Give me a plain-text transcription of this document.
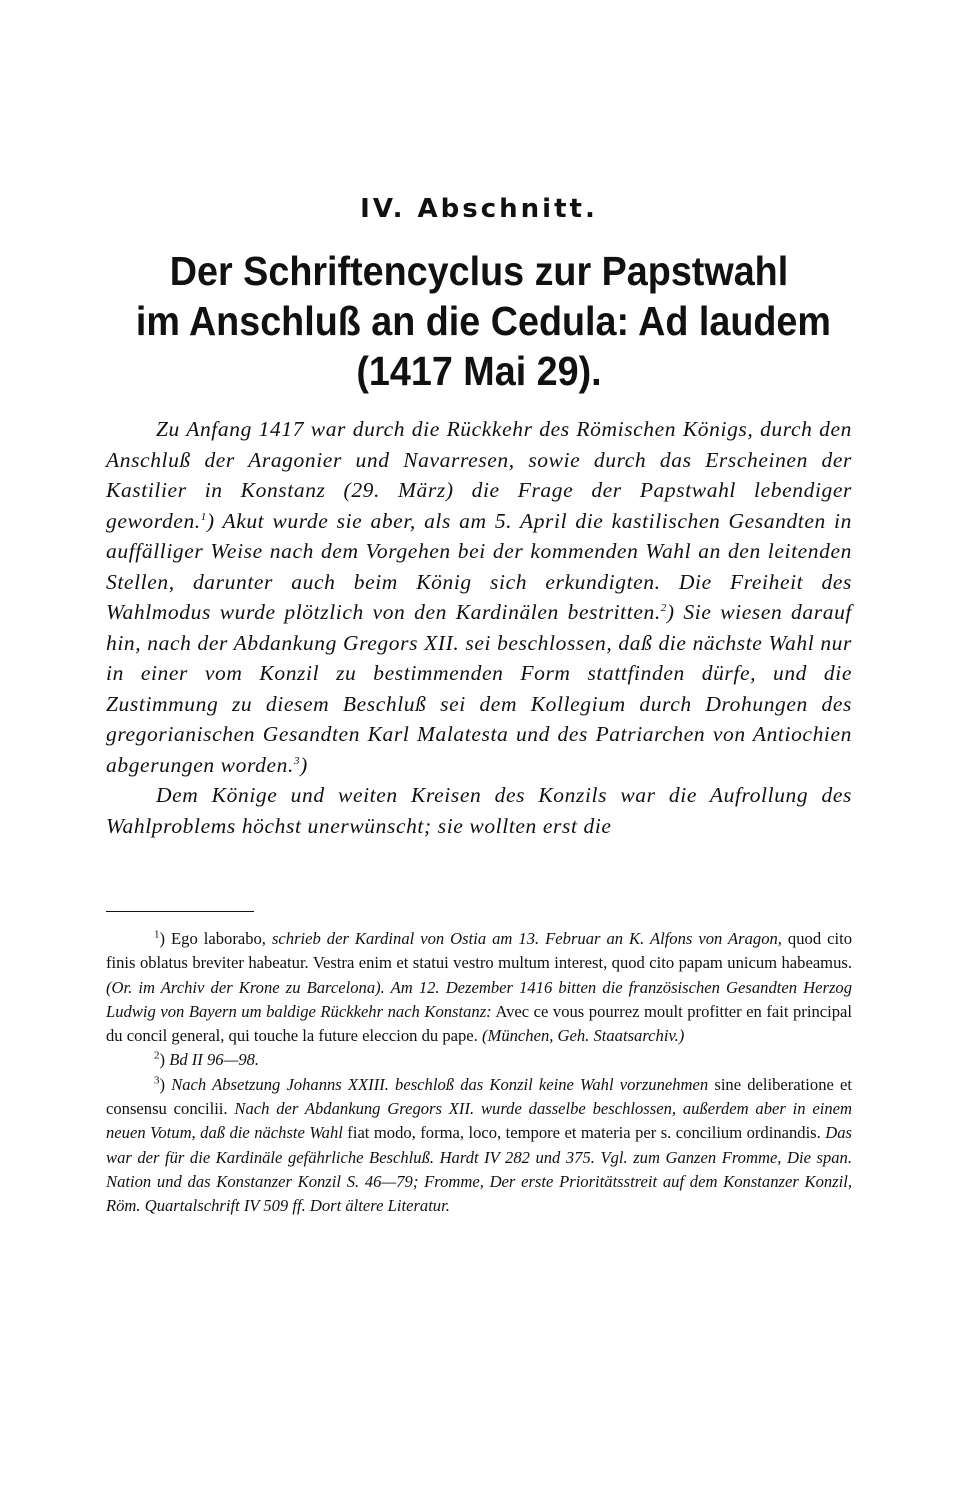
IV. Abschnitt.
Der Schriftencyclus zur Papstwahl
im Anschluß an die Cedula: Ad laudem
(1417 Mai 29).

Zu Anfang 1417 war durch die Rückkehr des Römischen Königs, durch den Anschluß der Aragonier und Navarresen, sowie durch das Erscheinen der Kastilier in Konstanz (29. März) die Frage der Papstwahl lebendiger geworden.$^1$) Akut wurde sie aber, als am 5. April die kastilischen Gesandten in auffälliger Weise nach dem Vorgehen bei der kommenden Wahl an den leitenden Stellen, darunter auch beim König sich erkundigten. Die Freiheit des Wahlmodus wurde plötzlich von den Kardinälen bestritten.$^2$) Sie wiesen darauf hin, nach der Abdankung Gregors XII. sei beschlossen, daß die nächste Wahl nur in einer vom Konzil zu bestimmenden Form stattfinden dürfe, und die Zustimmung zu diesem Beschluß sei dem Kollegium durch Drohungen des gregorianischen Gesandten Karl Malatesta und des Patriarchen von Antiochien abgerungen worden.$^3$)

Dem Könige und weiten Kreisen des Konzils war die Aufrollung des Wahlproblems höchst unerwünscht; sie wollten erst die

$^1$) Ego laborabo, schrieb der Kardinal von Ostia am 13. Februar an K. Alfons von Aragon, quod cito finis oblatus breviter habeatur. Vestra enim et statui vestro multum interest, quod cito papam unicum habeamus. (Or. im Archiv der Krone zu Barcelona). Am 12. Dezember 1416 bitten die französischen Gesandten Herzog Ludwig von Bayern um baldige Rückkehr nach Konstanz: Avec ce vous pourrez moult profitter en fait principal du concil general, qui touche la future eleccion du pape. (München, Geh. Staatsarchiv.)

$^2$) Bd II 96—98.

$^3$) Nach Absetzung Johanns XXIII. beschloß das Konzil keine Wahl vorzunehmen sine deliberatione et consensu concilii. Nach der Abdankung Gregors XII. wurde dasselbe beschlossen, außerdem aber in einem neuen Votum, daß die nächste Wahl fiat modo, forma, loco, tempore et materia per s. concilium ordinandis. Das war der für die Kardinäle gefährliche Beschluß. Hardt IV 282 und 375. Vgl. zum Ganzen Fromme, Die span. Nation und das Konstanzer Konzil S. 46—79; Fromme, Der erste Prioritätsstreit auf dem Konstanzer Konzil, Röm. Quartalschrift IV 509 ff. Dort ältere Literatur.
